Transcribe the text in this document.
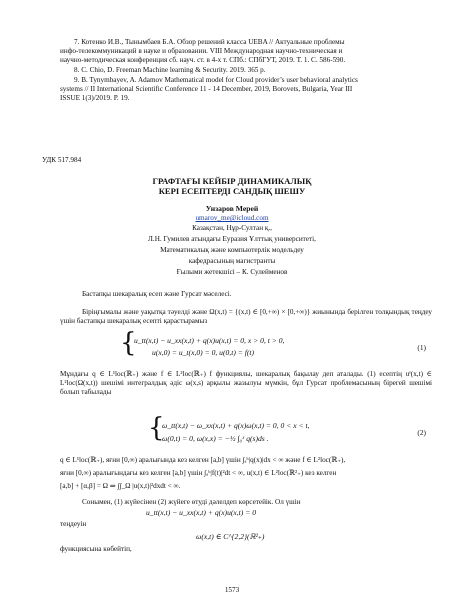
7. Котенко И.В., Тынымбаев Б.А. Обзор решений класса UEBA // Актуальные проблемы
инфо-телекоммуникаций в науке и образовании. VIII Международная научно-техническая и
научно-методическая конференция сб. науч. ст. в 4-х т. СПб.: СПбГУТ, 2019. Т. 1. С. 586-590.
8. C. Chio, D. Freeman Machine learning & Security. 2019. 365 p.
9. B. Tynymbayev, A. Adamov Mathematical model for Cloud provider’s user behavioral analytics
systems // II International Scientific Conference 11 - 14 December, 2019, Borovets, Bulgaria, Year III
ISSUE 1(3)/2019. P. 19.
УДК 517.984
ГРАФТАҒЫ КЕЙБІР ДИНАМИКАЛЫҚ
КЕРІ ЕСЕПТЕРДІ САНДЫҚ ШЕШУ
Унзаров Мерей
umarov_me@icloud.com
Казақстан, Нұр-Султан қ.,
Л.Н. Гумилев атындағы Еуразия Ұлттық университеті,
Математикалық және компьютерлік модельдеу
кафедрасының магистранты
Ғылыми жетекшісі – К. Сулейменов
Бастапқы шекаралық есеп және Гурсат мәселесі.
Біріңғымалы және уақытқа тәуелді және Ω(x,t) = {(x,t) ∈ [0,+∞) × [0,+∞)} жиынында берілген толқындық теңдеу үшін бастапқы шекаралық есепті қарастырамыз
{
u_tt(x,t) − u_xx(x,t) + q(x)u(x,t) = 0, x > 0, t > 0,
u(x,0) = u_t(x,0) = 0, u(0,t) = f(t)
(1)
Мұндағы q ∈ L¹loc(ℝ₊) және f ∈ L²loc(ℝ₊) f функциялы, шекаралық бақылау деп аталады. (1) есептің uᶠ(x,t) ∈ L²loc(Ω(x,t)) шешімі интегралдық әдіс ω(x,s) арқылы жазылуы мүмкін, бұл Гурсат проблемасының бірегей шешімі болып табылады
{
ω_tt(x,t) − ω_xx(x,t) + q(x)ω(x,t) = 0, 0 < x < t,
ω(0,t) = 0, ω(x,x) = −½ ∫₀ˣ q(s)ds .
(2)
q ∈ L¹loc(ℝ₊), яғни [0,∞) аралығында кез келген [a,b] үшін ∫ₐᵇ|q(x)|dx < ∞ және f ∈ L²loc(ℝ₊),
яғни [0,∞) аралығындағы кез келген [a,b] үшін ∫ₐᵇ|f(t)|²dt < ∞, u(x,t) ∈ L²loc(ℝ²₊) кез келген
[a,b] + [α,β] = Ω ⇒ ∫∫_Ω |u(x,t)|²dxdt < ∞.
Сонымен, (1) жүйесінен (2) жүйеге өтуді дәлелдеп көрсетейік. Ол үшін
u_tt(x,t) − u_xx(x,t) + q(x)u(x,t) = 0
теңдеуін
ω(x,t) ∈ C^{2,2}(ℝ²₊)
функциясына көбейтіп,
1573
